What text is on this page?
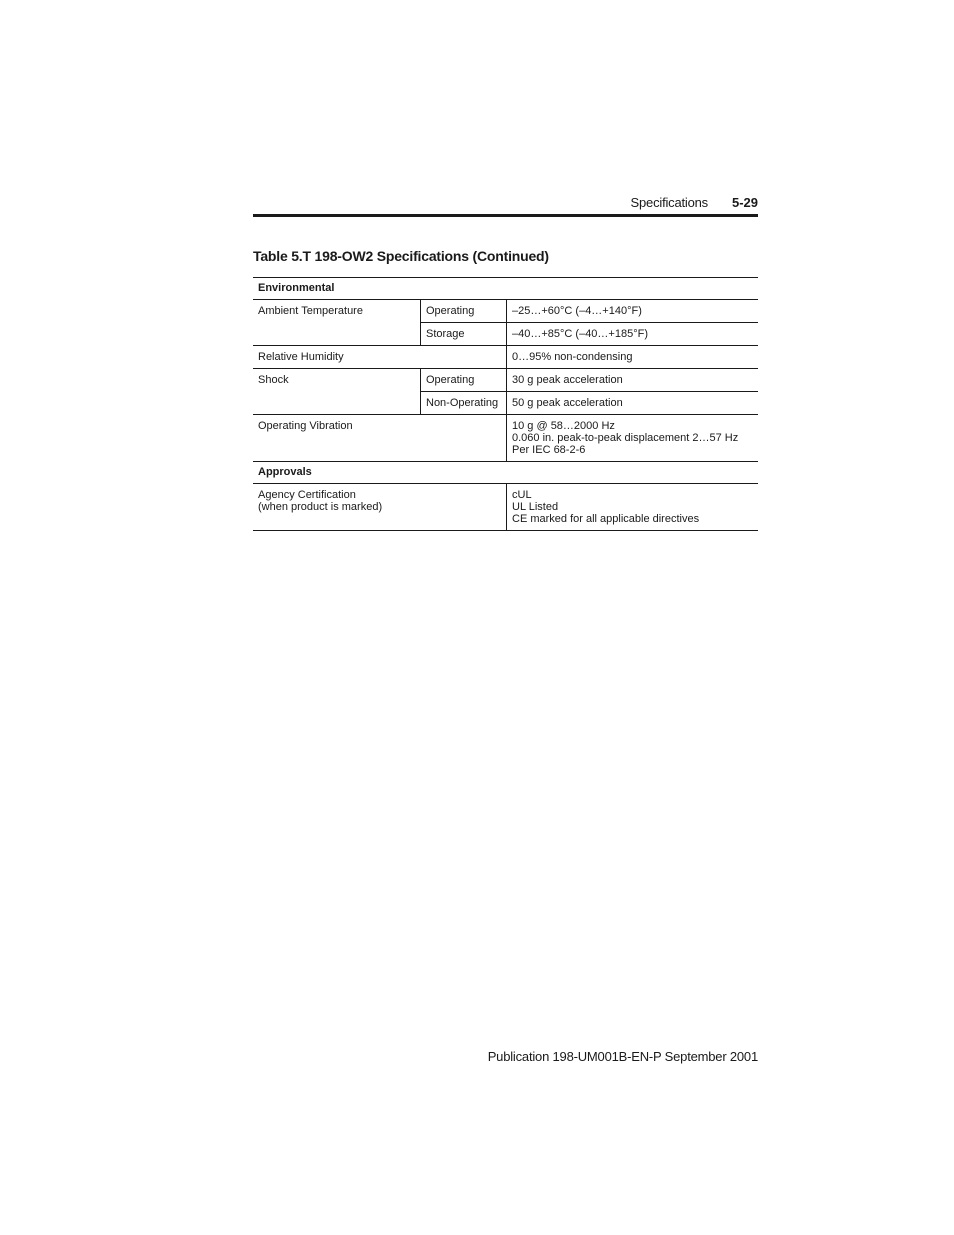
Specifications 5-29
Table 5.T 198-OW2 Specifications (Continued)
Environmental		
Ambient Temperature	Operating	–25…+60°C (–4…+140°F)
	Storage	–40…+85°C (–40…+185°F)
Relative Humidity		0…95% non-condensing
Shock	Operating	30 g peak acceleration
	Non-Operating	50 g peak acceleration
Operating Vibration		10 g @ 58…2000 Hz
0.060 in. peak-to-peak displacement 2…57 Hz
Per IEC 68-2-6

Approvals		

Agency Certification
(when product is marked)		cUL
UL Listed
CE marked for all applicable directives
Publication 198-UM001B-EN-P September 2001
